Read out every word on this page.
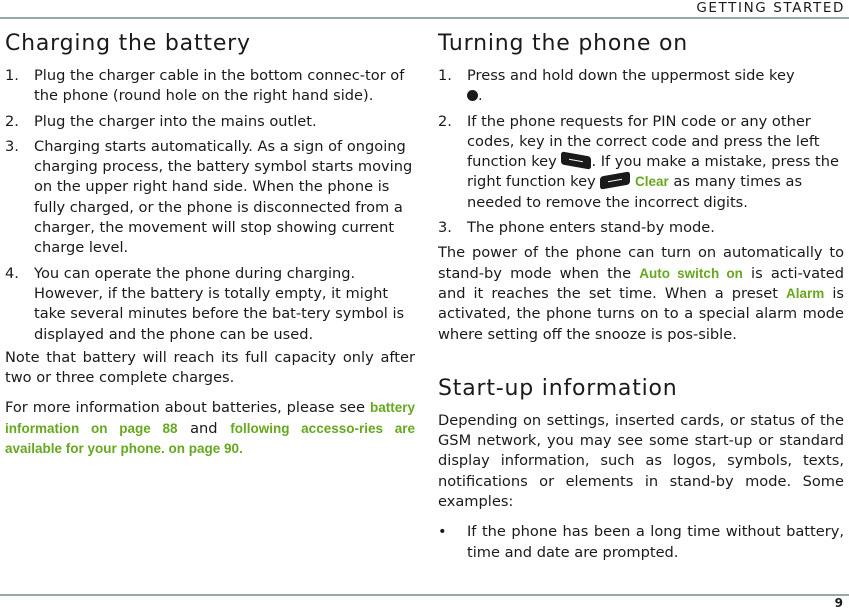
GETTING STARTED
Charging the battery
1. Plug the charger cable in the bottom connec-tor of the phone (round hole on the right hand side).
2. Plug the charger into the mains outlet.
3. Charging starts automatically. As a sign of ongoing charging process, the battery symbol starts moving on the upper right hand side. When the phone is fully charged, or the phone is disconnected from a charger, the movement will stop showing current charge level.
4. You can operate the phone during charging. However, if the battery is totally empty, it might take several minutes before the bat-tery symbol is displayed and the phone can be used.

Note that battery will reach its full capacity only after two or three complete charges.

For more information about batteries, please see battery information on page 88 and following accesso-ries are available for your phone. on page 90.

Turning the phone on
1. Press and hold down the uppermost side key
.
2. If the phone requests for PIN code or any other codes, key in the correct code and press the left function key . If you make a mistake, press the right function key	Clear as many times as needed to remove the incorrect digits.
3. The phone enters stand-by mode.

The power of the phone can turn on automatically to stand-by mode when the Auto switch on is acti-vated and it reaches the set time. When a preset Alarm is activated, the phone turns on to a special alarm mode where setting off the snooze is pos-sible.

Start-up information

Depending on settings, inserted cards, or status of the GSM network, you may see some start-up or standard display information, such as logos, symbols, texts, notifications or elements in stand-by mode. Some examples:

• If the phone has been a long time without battery, time and date are prompted.
9
